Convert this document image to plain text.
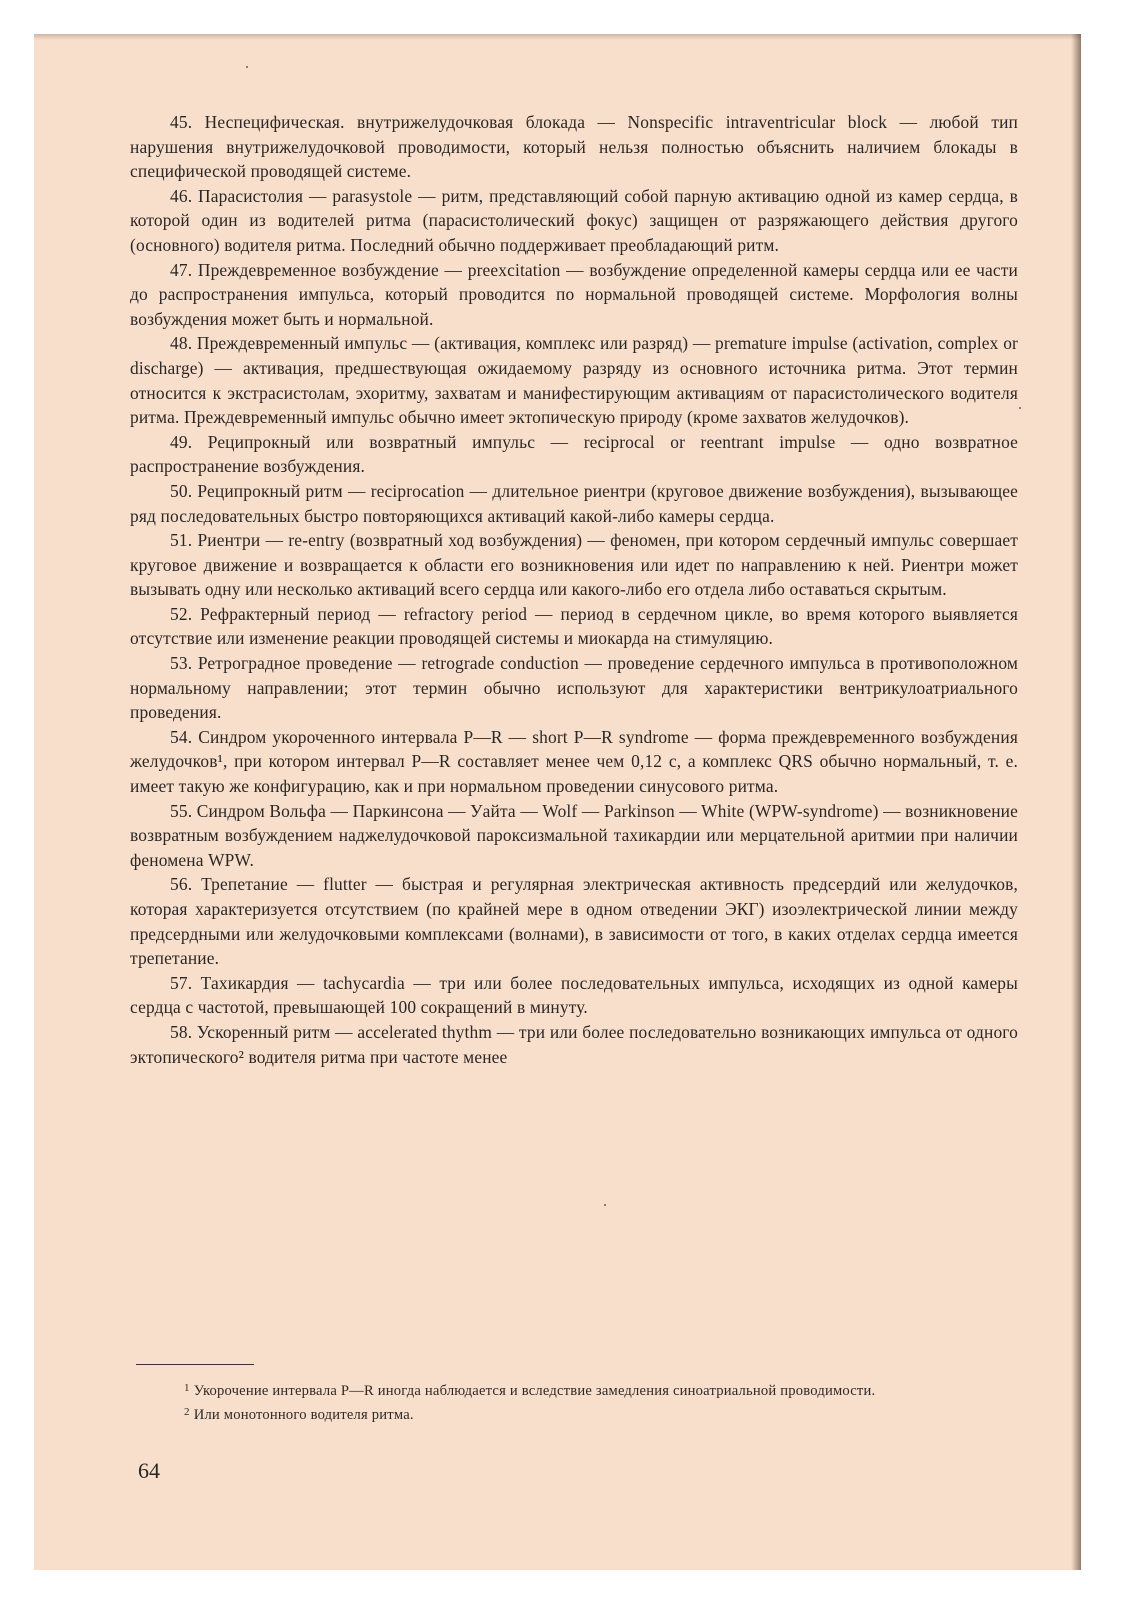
45. Неспецифическая. внутрижелудочковая блокада — Nonspecific intraventricular block — любой тип нарушения внутрижелудочковой проводимости, который нельзя полностью объяснить наличием блокады в специфической проводящей системе.

46. Парасистолия — parasystole — ритм, представляющий собой парную активацию одной из камер сердца, в которой один из водителей ритма (парасистолический фокус) защищен от разряжающего действия другого (основного) водителя ритма. Последний обычно поддерживает преобладающий ритм.

47. Преждевременное возбуждение — preexcitation — возбуждение определенной камеры сердца или ее части до распространения импульса, который проводится по нормальной проводящей системе. Морфология волны возбуждения может быть и нормальной.

48. Преждевременный импульс — (активация, комплекс или разряд) — premature impulse (activation, complex or discharge) — активация, предшествующая ожидаемому разряду из основного источника ритма. Этот термин относится к экстрасистолам, эхоритму, захватам и манифестирующим активациям от парасистолического водителя ритма. Преждевременный импульс обычно имеет эктопическую природу (кроме захватов желудочков).

49. Реципрокный или возвратный импульс — reciprocal or reentrant impulse — одно возвратное распространение возбуждения.

50. Реципрокный ритм — reciprocation — длительное риентри (круговое движение возбуждения), вызывающее ряд последовательных быстро повторяющихся активаций какой-либо камеры сердца.

51. Риентри — re-entry (возвратный ход возбуждения) — феномен, при котором сердечный импульс совершает круговое движение и возвращается к области его возникновения или идет по направлению к ней. Риентри может вызывать одну или несколько активаций всего сердца или какого-либо его отдела либо оставаться скрытым.

52. Рефрактерный период — refractory period — период в сердечном цикле, во время которого выявляется отсутствие или изменение реакции проводящей системы и миокарда на стимуляцию.

53. Ретроградное проведение — retrograde conduction — проведение сердечного импульса в противоположном нормальному направлении; этот термин обычно используют для характеристики вентрикулоатриального проведения.

54. Синдром укороченного интервала P—R — short P—R syndrome — форма преждевременного возбуждения желудочков¹, при котором интервал P—R составляет менее чем 0,12 с, а комплекс QRS обычно нормальный, т. е. имеет такую же конфигурацию, как и при нормальном проведении синусового ритма.

55. Синдром Вольфа — Паркинсона — Уайта — Wolf — Parkinson — White (WPW-syndrome) — возникновение возвратным возбуждением наджелудочковой пароксизмальной тахикардии или мерцательной аритмии при наличии феномена WPW.

56. Трепетание — flutter — быстрая и регулярная электрическая активность предсердий или желудочков, которая характеризуется отсутствием (по крайней мере в одном отведении ЭКГ) изоэлектрической линии между предсердными или желудочковыми комплексами (волнами), в зависимости от того, в каких отделах сердца имеется трепетание.

57. Тахикардия — tachycardia — три или более последовательных импульса, исходящих из одной камеры сердца с частотой, превышающей 100 сокращений в минуту.

58. Ускоренный ритм — accelerated thythm — три или более последовательно возникающих импульса от одного эктопического² водителя ритма при частоте менее

$^1$ Укорочение интервала P—R иногда наблюдается и вследствие замедления синоатриальной проводимости.

$^2$ Или монотонного водителя ритма.

64
